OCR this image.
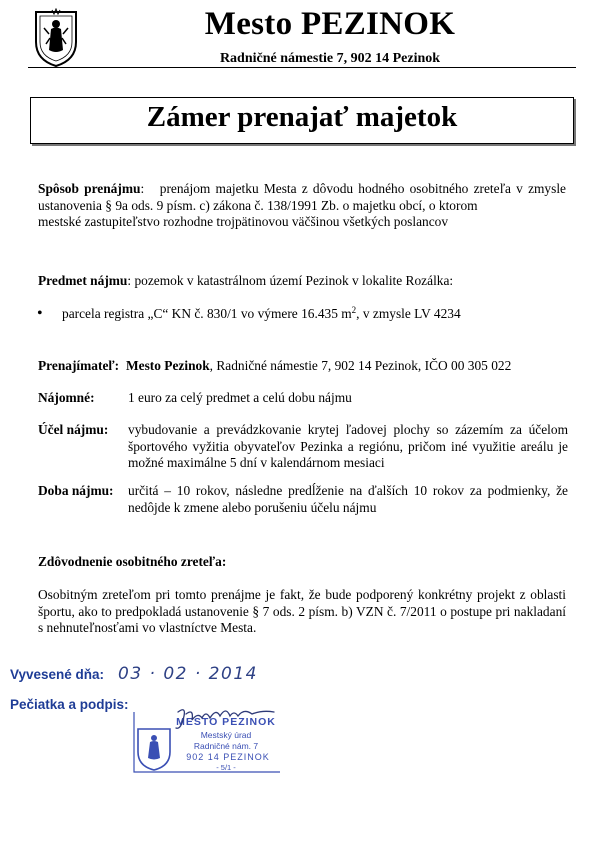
Mesto PEZINOK
Radničné námestie 7, 902 14 Pezinok
Zámer prenajať majetok
Spôsob prenájmu:   prenájom majetku Mesta z dôvodu hodného osobitného zreteľa v zmysle ustanovenia § 9a ods. 9 písm. c) zákona č. 138/1991 Zb. o majetku obcí, o ktorom
mestské zastupiteľstvo rozhodne trojpätinovou väčšinou všetkých poslancov
Predmet nájmu: pozemok v katastrálnom území Pezinok v lokalite Rozálka:
• parcela registra „C“ KN č. 830/1 vo výmere 16.435 $m^2$, v zmysle LV 4234
Prenajímateľ: Mesto Pezinok, Radničné námestie 7, 902 14 Pezinok, IČO 00 305 022
Nájomné: 1 euro za celý predmet a celú dobu nájmu
Účel nájmu: vybudovanie a prevádzkovanie krytej ľadovej plochy so zázemím za účelom športového vyžitia obyvateľov Pezinka a regiónu, pričom iné využitie areálu je možné maximálne 5 dní v kalendárnom mesiaci
Doba nájmu: určitá – 10 rokov, následne predĺženie na ďalších 10 rokov za podmienky, že nedôjde k zmene alebo porušeniu účelu nájmu
Zdôvodnenie osobitného zreteľa:
Osobitným zreteľom pri tomto prenájme je fakt, že bude podporený konkrétny projekt z oblasti športu, ako to predpokladá ustanovenie § 7 ods. 2 písm. b) VZN č. 7/2011 o postupe pri nakladaní s nehnuteľnosťami vo vlastníctve Mesta.
Vyvesené dňa: 03 · 02 · 2014
Pečiatka a podpis:
MESTO PEZINOK
Mestský úrad
Radničné nám. 7
902 14 PEZINOK
- 5/1 -
